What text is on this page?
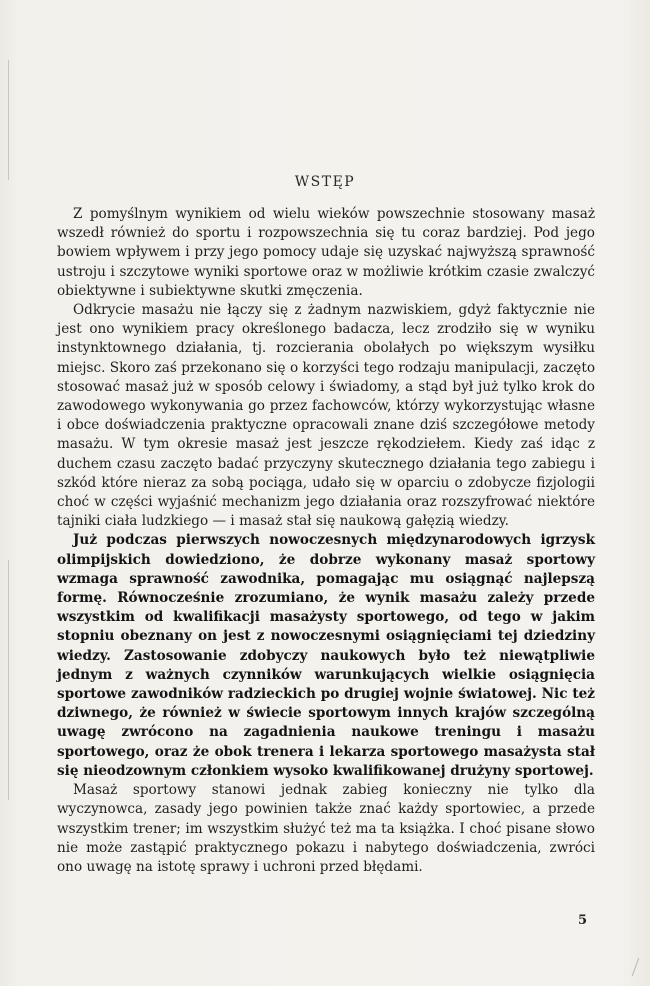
WSTĘP

Z pomyślnym wynikiem od wielu wieków powszechnie stosowany masaż wszedł również do sportu i rozpowszechnia się tu coraz bardziej. Pod jego bowiem wpływem i przy jego pomocy udaje się uzyskać najwyższą sprawność ustroju i szczytowe wyniki sportowe oraz w możliwie krótkim czasie zwalczyć obiektywne i subiektywne skutki zmęczenia.

Odkrycie masażu nie łączy się z żadnym nazwiskiem, gdyż faktycznie nie jest ono wynikiem pracy określonego badacza, lecz zrodziło się w wyniku instynktownego działania, tj. rozcierania obolałych po większym wysiłku miejsc. Skoro zaś przekonano się o korzyści tego rodzaju manipulacji, zaczęto stosować masaż już w sposób celowy i świadomy, a stąd był już tylko krok do zawodowego wykonywania go przez fachowców, którzy wykorzystując własne i obce doświadczenia praktyczne opracowali znane dziś szczegółowe metody masażu. W tym okresie masaż jest jeszcze rękodziełem. Kiedy zaś idąc z duchem czasu zaczęto badać przyczyny skutecznego działania tego zabiegu i szkód które nieraz za sobą pociąga, udało się w oparciu o zdobycze fizjologii choć w części wyjaśnić mechanizm jego działania oraz rozszyfrować niektóre tajniki ciała ludzkiego — i masaż stał się naukową gałęzią wiedzy.

Już podczas pierwszych nowoczesnych międzynarodowych igrzysk olimpijskich dowiedziono, że dobrze wykonany masaż sportowy wzmaga sprawność zawodnika, pomagając mu osiągnąć najlepszą formę. Równocześnie zrozumiano, że wynik masażu zależy przede wszystkim od kwalifikacji masażysty sportowego, od tego w jakim stopniu obeznany on jest z nowoczesnymi osiągnięciami tej dziedziny wiedzy. Zastosowanie zdobyczy naukowych było też niewątpliwie jednym z ważnych czynników warunkujących wielkie osiągnięcia sportowe zawodników radzieckich po drugiej wojnie światowej. Nic też dziwnego, że również w świecie sportowym innych krajów szczególną uwagę zwrócono na zagadnienia naukowe treningu i masażu sportowego, oraz że obok trenera i lekarza sportowego masażysta stał się nieodzownym członkiem wysoko kwalifikowanej drużyny sportowej.

Masaż sportowy stanowi jednak zabieg konieczny nie tylko dla wyczynowca, zasady jego powinien także znać każdy sportowiec, a przede wszystkim trener; im wszystkim służyć też ma ta książka. I choć pisane słowo nie może zastąpić praktycznego pokazu i nabytego doświadczenia, zwróci ono uwagę na istotę sprawy i uchroni przed błędami.

5
